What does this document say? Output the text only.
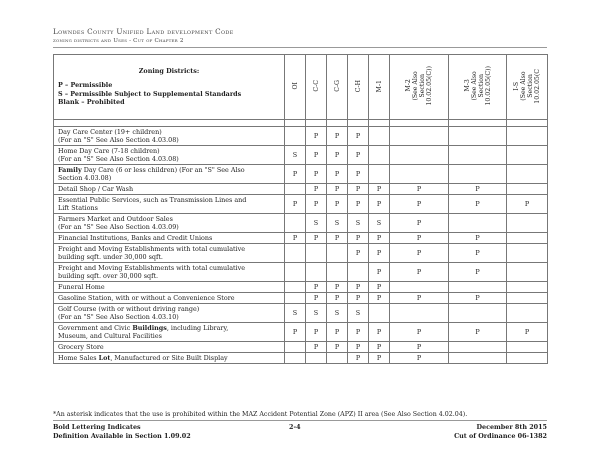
Lowndes County Unified Land development Code
zoning districts and Uses - Cut of Chapter 2
Zoning Districts:
P – Permissible
S – Permissible Subject to Supplemental Standards
Blank – Prohibited	OI	C-C	C-G	C-H	M-1	M-2
(See Also
Section
10.02.05(C))	M-3
(See Also
Section
10.02.05(C))	I-S
(See Also
Section
10.02.05(C

Day Care Center (19+ children)
(For an "S" See Also Section 4.03.08)		P	P	P				
Home Day Care (7-18 children)
(For an "S" See Also Section 4.03.08)	S	P	P	P				
Family Day Care (6 or less children) (For an "S" See Also
Section 4.03.08)	P	P	P	P				
Detail Shop / Car Wash		P	P	P	P	P	P	
Essential Public Services, such as Transmission Lines and
Lift Stations	P	P	P	P	P	P	P	P
Farmers Market and Outdoor Sales
(For an "S" See Also Section 4.03.09)		S	S	S	S	P		
Financial Institutions, Banks and Credit Unions	P	P	P	P	P	P	P	
Freight and Moving Establishments with total cumulative
building sqft. under 30,000 sqft.				P	P	P	P	
Freight and Moving Establishments with total cumulative
building sqft. over 30,000 sqft.					P	P	P	
Funeral Home		P	P	P	P			
Gasoline Station, with or without a Convenience Store		P	P	P	P	P	P	
Golf Course (with or without driving range)
(For an "S" See Also Section 4.03.10)	S	S	S	S				
Government and Civic Buildings, including Library,
Museum, and Cultural Facilities	P	P	P	P	P	P	P	P
Grocery Store		P	P	P	P	P		
Home Sales Lot, Manufactured or Site Built Display				P	P	P		
*An asterisk indicates that the use is prohibited within the MAZ Accident Potential Zone (APZ) II area (See Also Section 4.02.04).
Bold Lettering Indicates
Definition Available in Section 1.09.02
2-4	December 8th 2015
Cut of Ordinance 06-1382
